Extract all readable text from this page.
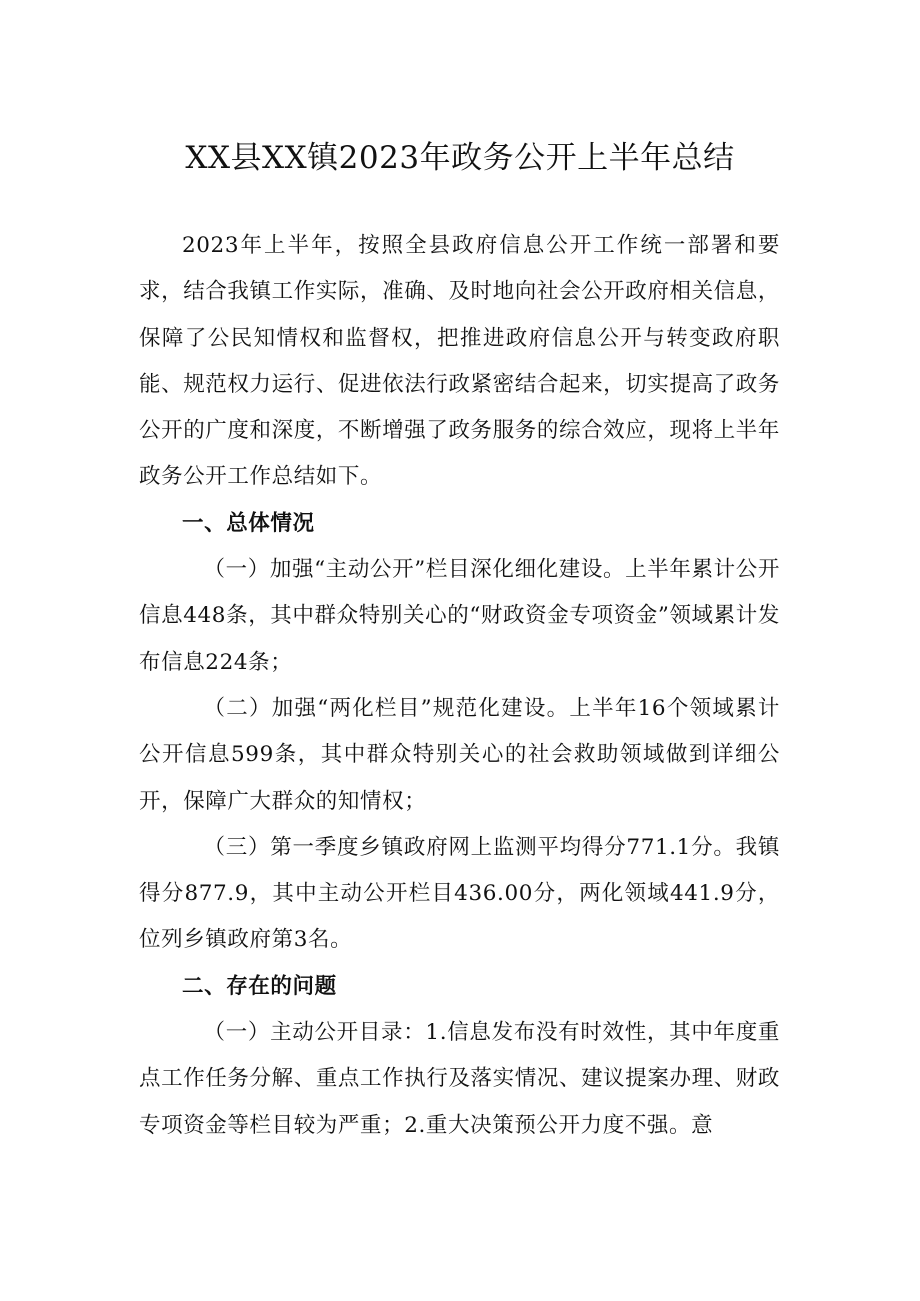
XX县XX镇2023年政务公开上半年总结

2023年上半年，按照全县政府信息公开工作统一部署和要求，结合我镇工作实际，准确、及时地向社会公开政府相关信息，保障了公民知情权和监督权，把推进政府信息公开与转变政府职能、规范权力运行、促进依法行政紧密结合起来，切实提高了政务公开的广度和深度，不断增强了政务服务的综合效应，现将上半年政务公开工作总结如下。

一、总体情况

（一）加强“主动公开”栏目深化细化建设。上半年累计公开信息448条，其中群众特别关心的“财政资金专项资金”领域累计发布信息224条；

（二）加强“两化栏目”规范化建设。上半年16个领域累计公开信息599条，其中群众特别关心的社会救助领域做到详细公开，保障广大群众的知情权；

（三）第一季度乡镇政府网上监测平均得分771.1分。我镇得分877.9，其中主动公开栏目436.00分，两化领域441.9分，位列乡镇政府第3名。

二、存在的问题

（一）主动公开目录：1.信息发布没有时效性，其中年度重点工作任务分解、重点工作执行及落实情况、建议提案办理、财政专项资金等栏目较为严重；2.重大决策预公开力度不强。意
